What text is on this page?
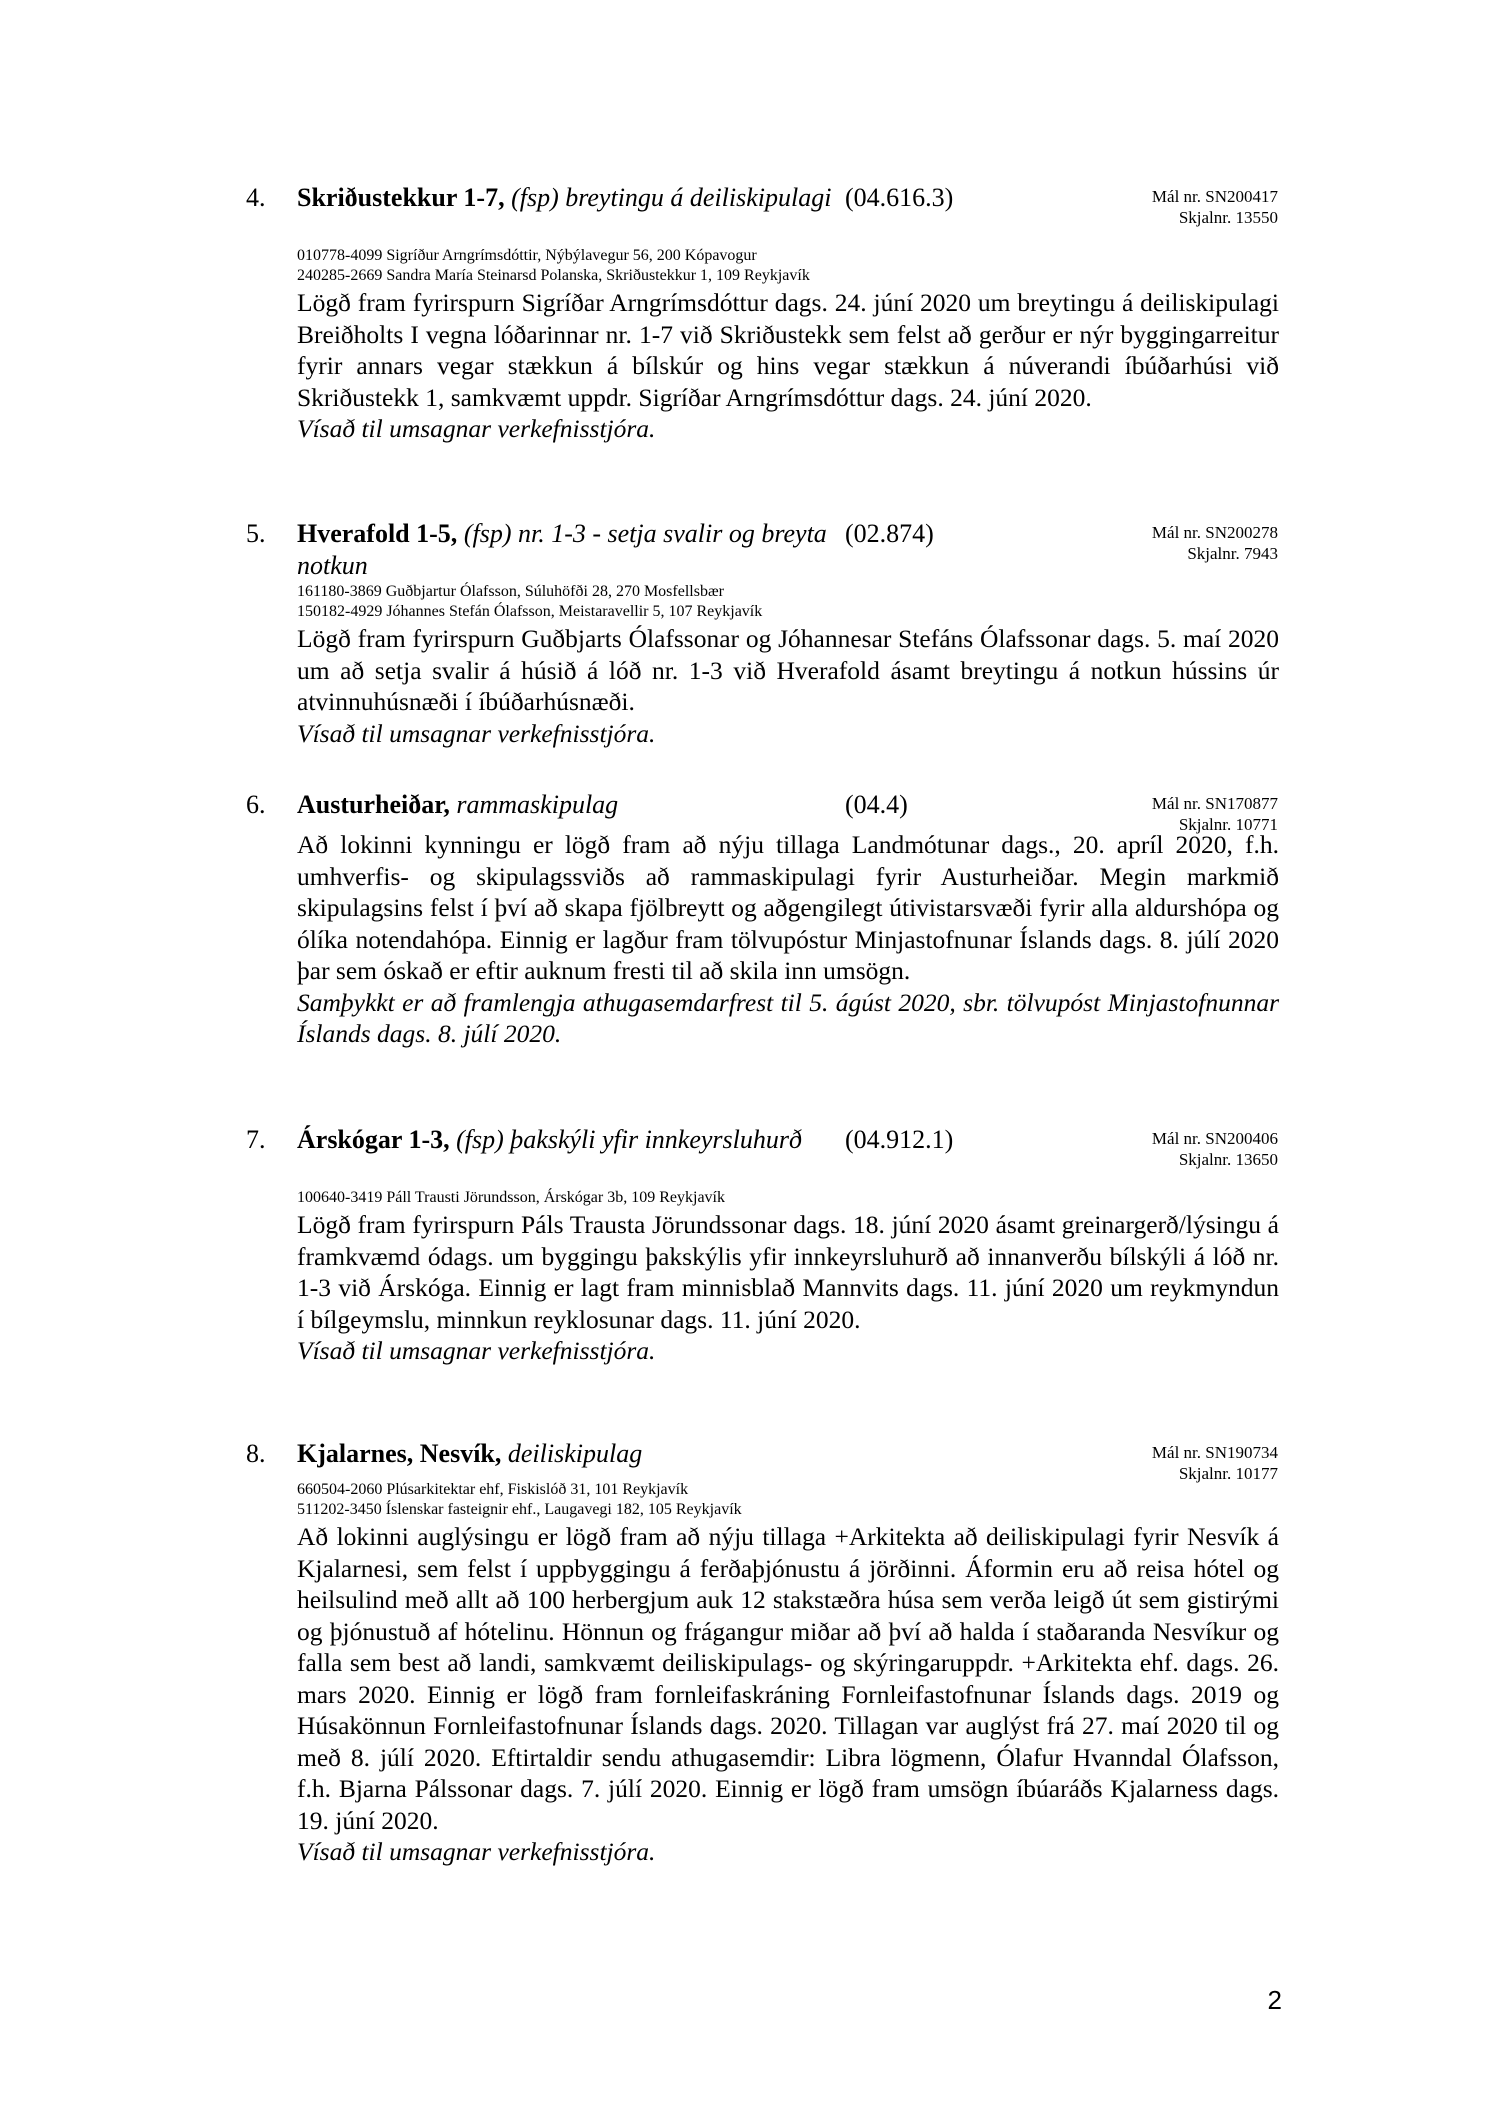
4. Skriðustekkur 1-7, (fsp) breytingu á deiliskipulagi (04.616.3)	Mál nr. SN200417
Skjalnr. 13550
010778-4099 Sigríður Arngrímsdóttir, Nýbýlavegur 56, 200 Kópavogur
240285-2669 Sandra María Steinarsd Polanska, Skriðustekkur 1, 109 Reykjavík

Lögð fram fyrirspurn Sigríðar Arngrímsdóttur dags. 24. júní 2020 um breytingu á deiliskipulagi Breiðholts I vegna lóðarinnar nr. 1-7 við Skriðustekk sem felst að gerður er nýr byggingarreitur fyrir annars vegar stækkun á bílskúr og hins vegar stækkun á núverandi íbúðarhúsi við Skriðustekk 1, samkvæmt uppdr. Sigríðar Arngrímsdóttur dags. 24. júní 2020.

Vísað til umsagnar verkefnisstjóra.

5. Hverafold 1-5, (fsp) nr. 1-3 - setja svalir og breyta notkun
(02.874)	Mál nr. SN200278
Skjalnr. 7943
161180-3869 Guðbjartur Ólafsson, Súluhöfði 28, 270 Mosfellsbær
150182-4929 Jóhannes Stefán Ólafsson, Meistaravellir 5, 107 Reykjavík

Lögð fram fyrirspurn Guðbjarts Ólafssonar og Jóhannesar Stefáns Ólafssonar dags. 5. maí 2020 um að setja svalir á húsið á lóð nr. 1-3 við Hverafold ásamt breytingu á notkun hússins úr atvinnuhúsnæði í íbúðarhúsnæði.

Vísað til umsagnar verkefnisstjóra.

6. Austurheiðar, rammaskipulag	(04.4)	Mál nr. SN170877
Skjalnr. 10771

Að lokinni kynningu er lögð fram að nýju tillaga Landmótunar dags., 20. apríl 2020, f.h. umhverfis- og skipulagssviðs að rammaskipulagi fyrir Austurheiðar. Megin markmið skipulagsins felst í því að skapa fjölbreytt og aðgengilegt útivistarsvæði fyrir alla aldurshópa og ólíka notendahópa. Einnig er lagður fram tölvupóstur Minjastofnunar Íslands dags. 8. júlí 2020 þar sem óskað er eftir auknum fresti til að skila inn umsögn.

Samþykkt er að framlengja athugasemdarfrest til 5. ágúst 2020, sbr. tölvupóst Minjastofnunnar Íslands dags. 8. júlí 2020.

7. Árskógar 1-3, (fsp) þakskýli yfir innkeyrsluhurð	(04.912.1)	Mál nr. SN200406
Skjalnr. 13650
100640-3419 Páll Trausti Jörundsson, Árskógar 3b, 109 Reykjavík

Lögð fram fyrirspurn Páls Trausta Jörundssonar dags. 18. júní 2020 ásamt greinargerð/lýsingu á framkvæmd ódags. um byggingu þakskýlis yfir innkeyrsluhurð að innanverðu bílskýli á lóð nr. 1-3 við Árskóga. Einnig er lagt fram minnisblað Mannvits dags. 11. júní 2020 um reykmyndun í bílgeymslu, minnkun reyklosunar dags. 11. júní 2020.

Vísað til umsagnar verkefnisstjóra.

8. Kjalarnes, Nesvík, deiliskipulag	Mál nr. SN190734
Skjalnr. 10177
660504-2060 Plúsarkitektar ehf, Fiskislóð 31, 101 Reykjavík
511202-3450 Íslenskar fasteignir ehf., Laugavegi 182, 105 Reykjavík

Að lokinni auglýsingu er lögð fram að nýju tillaga +Arkitekta að deiliskipulagi fyrir Nesvík á Kjalarnesi, sem felst í uppbyggingu á ferðaþjónustu á jörðinni. Áformin eru að reisa hótel og heilsulind með allt að 100 herbergjum auk 12 stakstæðra húsa sem verða leigð út sem gistirými og þjónustuð af hótelinu. Hönnun og frágangur miðar að því að halda í staðaranda Nesvíkur og falla sem best að landi, samkvæmt deiliskipulags- og skýringaruppdr. +Arkitekta ehf. dags. 26. mars 2020. Einnig er lögð fram fornleifaskráning Fornleifastofnunar Íslands dags. 2019 og Húsakönnun Fornleifastofnunar Íslands dags. 2020. Tillagan var auglýst frá 27. maí 2020 til og með 8. júlí 2020. Eftirtaldir sendu athugasemdir: Libra lögmenn, Ólafur Hvanndal Ólafsson, f.h. Bjarna Pálssonar dags. 7. júlí 2020. Einnig er lögð fram umsögn íbúaráðs Kjalarness dags. 19. júní 2020.

Vísað til umsagnar verkefnisstjóra.

2
